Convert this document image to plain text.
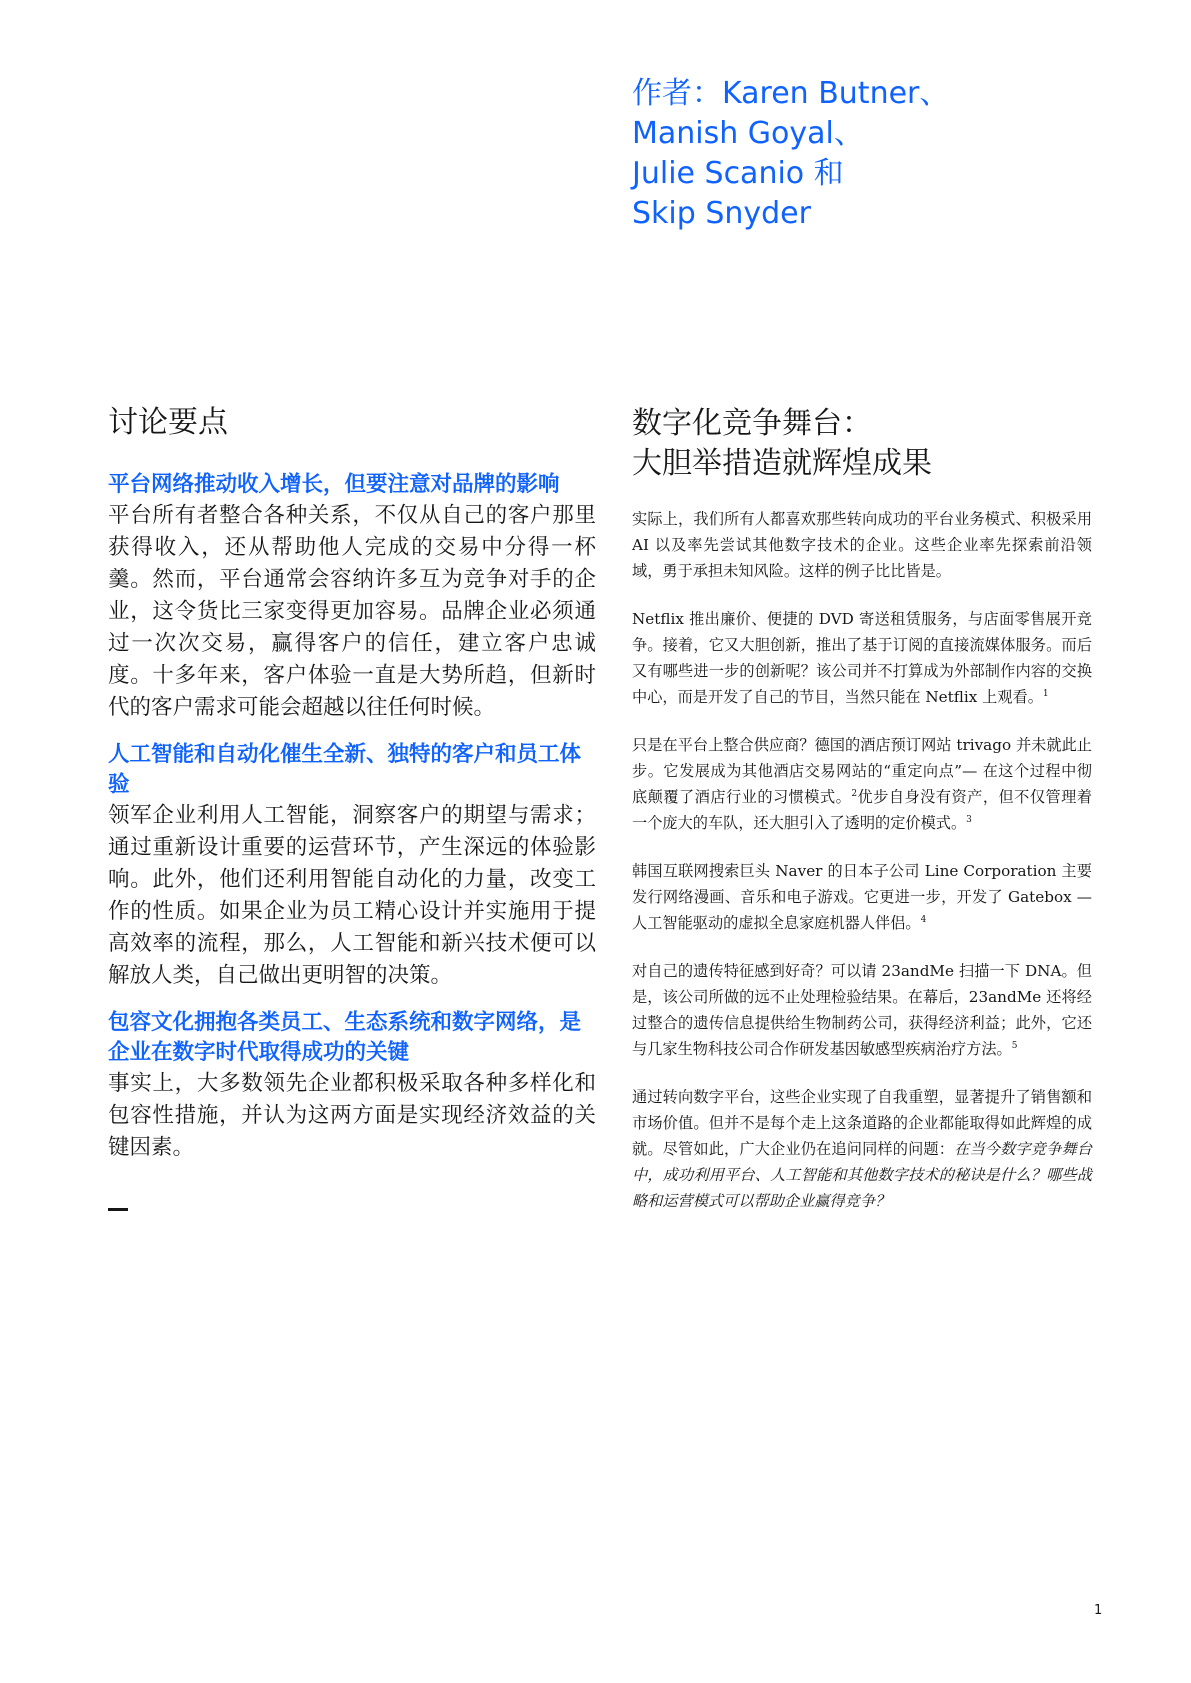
作者：Karen Butner、
Manish Goyal、
Julie Scanio 和
Skip Snyder
讨论要点

平台网络推动收入增长，但要注意对品牌的影响

平台所有者整合各种关系，不仅从自己的客户那里获得收入，还从帮助他人完成的交易中分得一杯羹。然而，平台通常会容纳许多互为竞争对手的企业，这令货比三家变得更加容易。品牌企业必须通过一次次交易，赢得客户的信任，建立客户忠诚度。十多年来，客户体验一直是大势所趋，但新时代的客户需求可能会超越以往任何时候。

人工智能和自动化催生全新、独特的客户和员工体验

领军企业利用人工智能，洞察客户的期望与需求；通过重新设计重要的运营环节，产生深远的体验影响。此外，他们还利用智能自动化的力量，改变工作的性质。如果企业为员工精心设计并实施用于提高效率的流程，那么，人工智能和新兴技术便可以解放人类，自己做出更明智的决策。

包容文化拥抱各类员工、生态系统和数字网络，是企业在数字时代取得成功的关键

事实上，大多数领先企业都积极采取各种多样化和包容性措施，并认为这两方面是实现经济效益的关键因素。

数字化竞争舞台：
大胆举措造就辉煌成果

实际上，我们所有人都喜欢那些转向成功的平台业务模式、积极采用 AI 以及率先尝试其他数字技术的企业。这些企业率先探索前沿领域，勇于承担未知风险。这样的例子比比皆是。

Netflix 推出廉价、便捷的 DVD 寄送租赁服务，与店面零售展开竞争。接着，它又大胆创新，推出了基于订阅的直接流媒体服务。而后又有哪些进一步的创新呢？该公司并不打算成为外部制作内容的交换中心，而是开发了自己的节目，当然只能在 Netflix 上观看。$^1$

只是在平台上整合供应商？德国的酒店预订网站 trivago 并未就此止步。它发展成为其他酒店交易网站的“重定向点”— 在这个过程中彻底颠覆了酒店行业的习惯模式。$^2$优步自身没有资产，但不仅管理着一个庞大的车队，还大胆引入了透明的定价模式。$^3$

韩国互联网搜索巨头 Naver 的日本子公司 Line Corporation 主要发行网络漫画、音乐和电子游戏。它更进一步，开发了 Gatebox —人工智能驱动的虚拟全息家庭机器人伴侣。$^4$

对自己的遗传特征感到好奇？可以请 23andMe 扫描一下 DNA。但是，该公司所做的远不止处理检验结果。在幕后，23andMe 还将经过整合的遗传信息提供给生物制药公司，获得经济利益；此外，它还与几家生物科技公司合作研发基因敏感型疾病治疗方法。$^5$

通过转向数字平台，这些企业实现了自我重塑，显著提升了销售额和市场价值。但并不是每个走上这条道路的企业都能取得如此辉煌的成就。尽管如此，广大企业仍在追问同样的问题：在当今数字竞争舞台中，成功利用平台、人工智能和其他数字技术的秘诀是什么？哪些战略和运营模式可以帮助企业赢得竞争？

1
